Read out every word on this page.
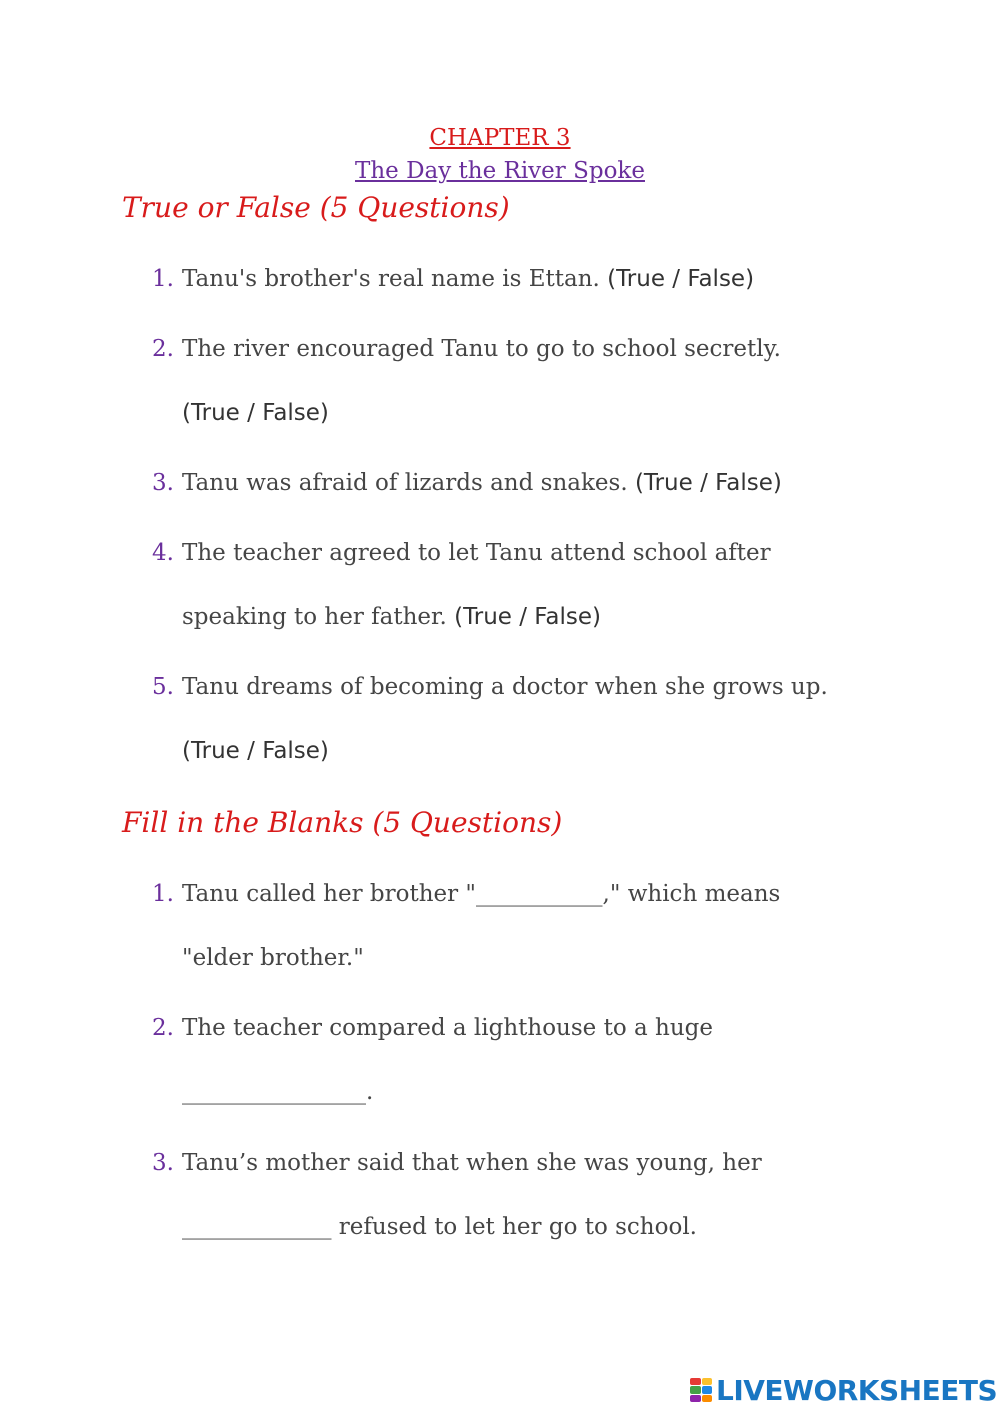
CHAPTER 3
The Day the River Spoke
True or False (5 Questions)
1. Tanu's brother's real name is Ettan. (True / False)
2. The river encouraged Tanu to go to school secretly.
(True / False)
3. Tanu was afraid of lizards and snakes. (True / False)
4. The teacher agreed to let Tanu attend school after
speaking to her father. (True / False)
5. Tanu dreams of becoming a doctor when she grows up.
(True / False)
Fill in the Blanks (5 Questions)
1. Tanu called her brother "___________," which means
"elder brother."
2. The teacher compared a lighthouse to a huge
________________.
3. Tanu’s mother said that when she was young, her
_____________ refused to let her go to school.
LIVEWORKSHEETS
